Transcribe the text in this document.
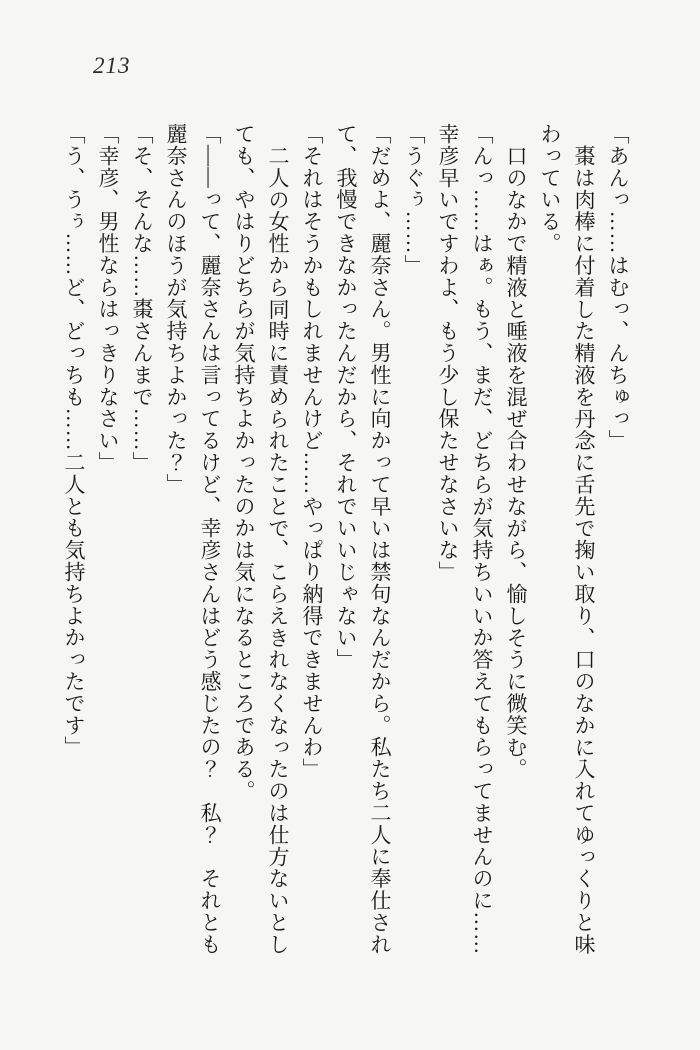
213

「あんっ……はむっ、んちゅっ」

棗は肉棒に付着した精液を丹念に舌先で掬い取り、口のなかに入れてゆっくりと味

わっている。

口のなかで精液と唾液を混ぜ合わせながら、愉しそうに微笑む。

「んっ……はぁ。もう、まだ、どちらが気持ちいいか答えてもらってませんのに……

幸彦早いですわよ、もう少し保たせなさいな」

「うぐぅ……」

「だめよ、麗奈さん。男性に向かって早いは禁句なんだから。私たち二人に奉仕され

て、我慢できなかったんだから、それでいいじゃない」

「それはそうかもしれませんけど……やっぱり納得できませんわ」

二人の女性から同時に責められたことで、こらえきれなくなったのは仕方ないとし

ても、やはりどちらが気持ちよかったのかは気になるところである。

「――って、麗奈さんは言ってるけど、幸彦さんはどう感じたの？　私？　それとも

麗奈さんのほうが気持ちよかった？」

「そ、そんな……棗さんまで……」

「幸彦、男性ならはっきりなさい」

「う、うぅ……ど、どっちも……二人とも気持ちよかったです」
